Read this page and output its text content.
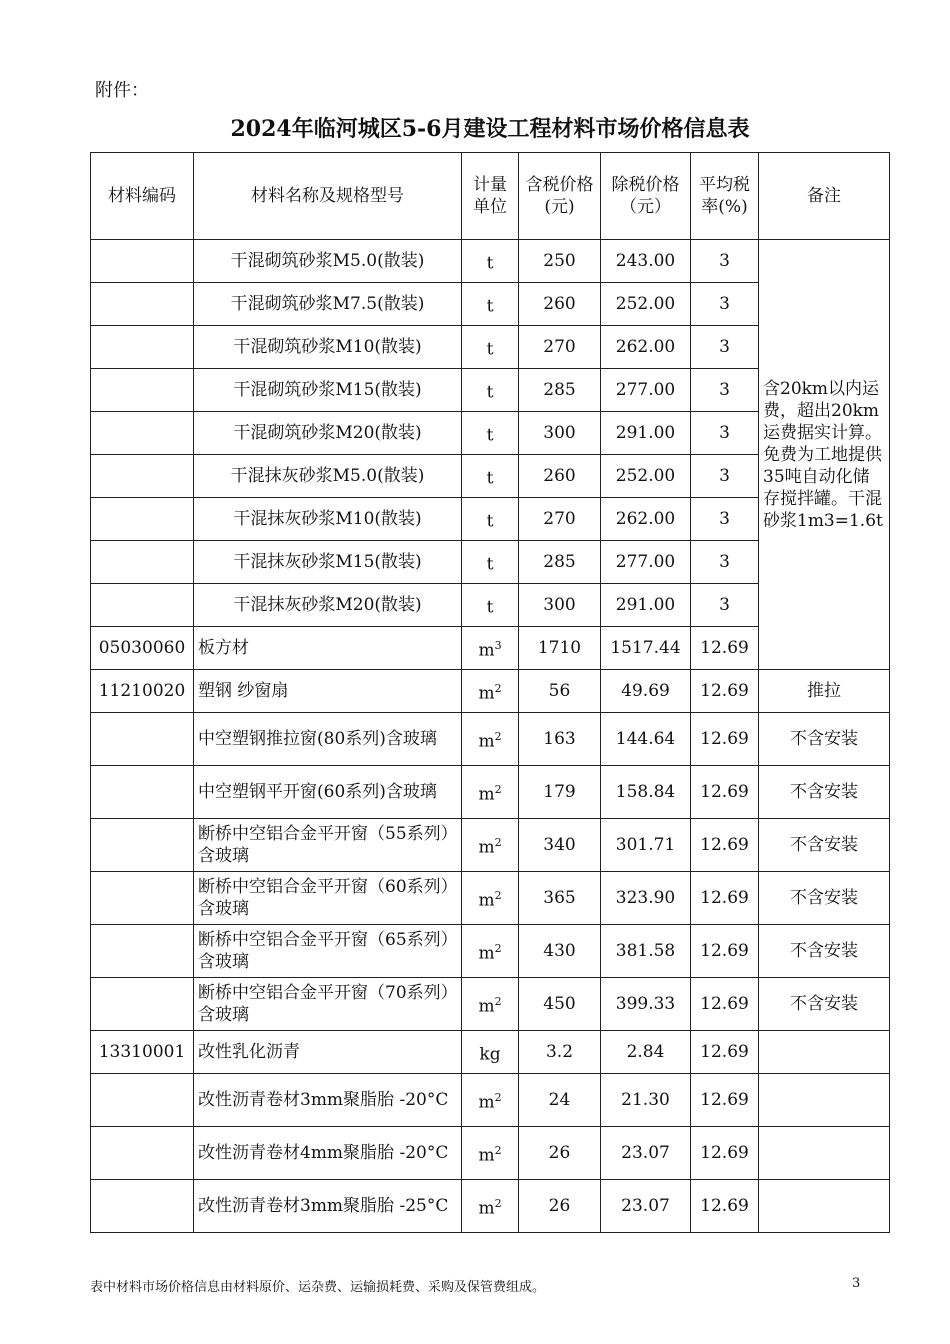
附件：
2024年临河城区5-6月建设工程材料市场价格信息表
材料编码	材料名称及规格型号	计量单位	含税价格(元)	除税价格（元）	平均税率(%)	备注
	干混砌筑砂浆M5.0(散装)	t	250	243.00	3	含20km以内运费，超出20km运费据实计算。免费为工地提供35吨自动化储存搅拌罐。干混砂浆1m3=1.6t
	干混砌筑砂浆M7.5(散装)	t	260	252.00	3	
	干混砌筑砂浆M10(散装)	t	270	262.00	3	
	干混砌筑砂浆M15(散装)	t	285	277.00	3	
	干混砌筑砂浆M20(散装)	t	300	291.00	3	
	干混抹灰砂浆M5.0(散装)	t	260	252.00	3	
	干混抹灰砂浆M10(散装)	t	270	262.00	3	
	干混抹灰砂浆M15(散装)	t	285	277.00	3	
	干混抹灰砂浆M20(散装)	t	300	291.00	3	
05030060	板方材	$m^3$	1710	1517.44	12.69	
11210020	塑钢 纱窗扇	$m^2$	56	49.69	12.69	推拉
	中空塑钢推拉窗(80系列)含玻璃	$m^2$	163	144.64	12.69	不含安装
	中空塑钢平开窗(60系列)含玻璃	$m^2$	179	158.84	12.69	不含安装
	断桥中空铝合金平开窗（55系列）含玻璃	$m^2$	340	301.71	12.69	不含安装
	断桥中空铝合金平开窗（60系列）含玻璃	$m^2$	365	323.90	12.69	不含安装
	断桥中空铝合金平开窗（65系列）含玻璃	$m^2$	430	381.58	12.69	不含安装
	断桥中空铝合金平开窗（70系列）含玻璃	$m^2$	450	399.33	12.69	不含安装
13310001	改性乳化沥青	kg	3.2	2.84	12.69	
	改性沥青卷材3mm聚脂胎 -20°C	$m^2$	24	21.30	12.69	
	改性沥青卷材4mm聚脂胎 -20°C	$m^2$	26	23.07	12.69	
	改性沥青卷材3mm聚脂胎 -25°C	$m^2$	26	23.07	12.69	
表中材料市场价格信息由材料原价、运杂费、运输损耗费、采购及保管费组成。	3
